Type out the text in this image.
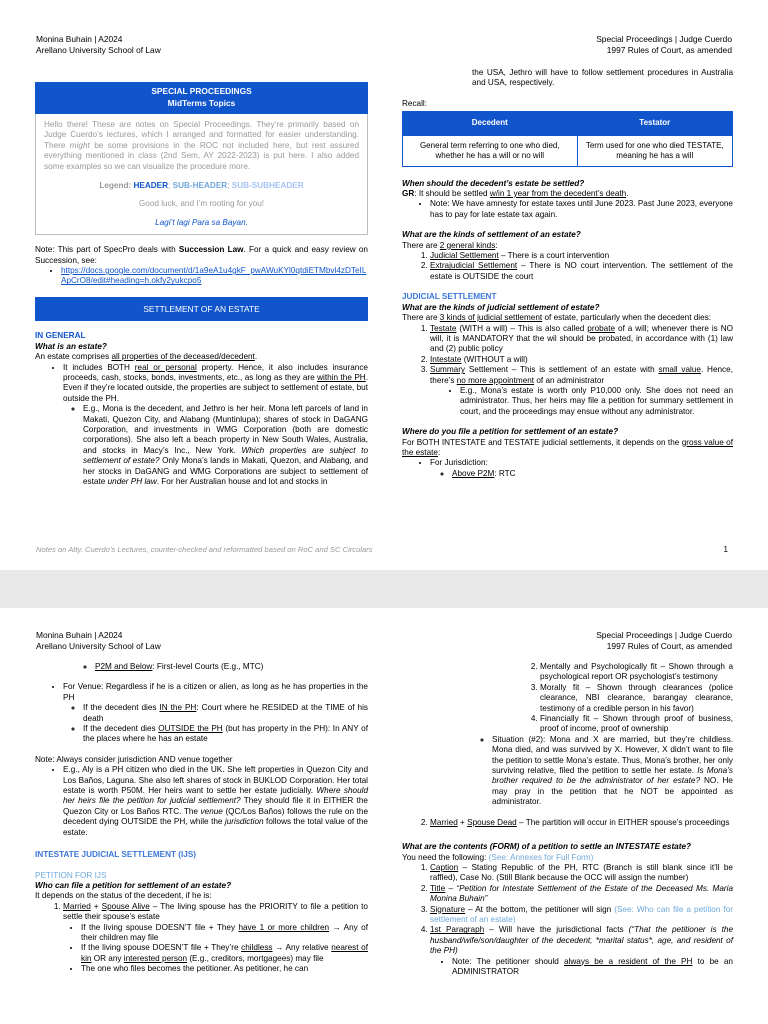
Monina Buhain | A2024
Arellano University School of Law
Special Proceedings | Judge Cuerdo
1997 Rules of Court, as amended
SPECIAL PROCEEDINGS
MidTerms Topics
Hello there! These are notes on Special Proceedings. They’re primarily based on Judge Cuerdo’s lectures, which I arranged and formatted for easier understanding. There might be some provisions in the ROC not included here, but rest assured everything mentioned in class (2nd Sem, AY 2022-2023) is put here. I also added some examples so we can visualize the procedure more.
Legend: HEADER; SUB-HEADER; SUB-SUBHEADER
Good luck, and I’m rooting for you!
Lagi’t lagi Para sa Bayan.
Note: This part of SpecPro deals with Succession Law. For a quick and easy review on Succession, see:
• https://docs.google.com/document/d/1a9eA1u4gkF_pwAWuKYl0qtdiETMbvl4zDTeILApCrO8/edit#heading=h.okfy2yukcpo5
SETTLEMENT OF AN ESTATE
IN GENERAL
What is an estate?
An estate comprises all properties of the deceased/decedent.
• It includes BOTH real or personal property. Hence, it also includes insurance proceeds, cash, stocks, bonds, investments, etc., as long as they are within the PH. Even if they’re located outside, the properties are subject to settlement of estate, but outside the PH.
◦ E.g., Mona is the decedent, and Jethro is her heir. Mona left parcels of land in Makati, Quezon City, and Alabang (Muntinlupa); shares of stock in DaGANG Corporation, and investments in WMG Corporation (both are domestic corporations). She also left a beach property in New South Wales, Australia, and stocks in Macy’s Inc., New York. Which properties are subject to settlement of estate? Only Mona’s lands in Makati, Quezon, and Alabang, and her stocks in DaGANG and WMG Corporations are subject to settlement of estate under PH law. For her Australian house and lot and stocks in
the USA, Jethro will have to follow settlement procedures in Australia and USA, respectively.
Recall:
Decedent	Testator
General term referring to one who died, whether he has a will or no will	Term used for one who died TESTATE, meaning he has a will
When should the decedent’s estate be settled?
GR: It should be settled w/in 1 year from the decedent’s death.
• Note: We have amnesty for estate taxes until June 2023. Past June 2023, everyone has to pay for late estate tax again.
What are the kinds of settlement of an estate?
There are 2 general kinds:
1. Judicial Settlement – There is a court intervention
2. Extrajudicial Settlement – There is NO court intervention. The settlement of the estate is OUTSIDE the court
JUDICIAL SETTLEMENT
What are the kinds of judicial settlement of estate?
There are 3 kinds of judicial settlement of estate, particularly when the decedent dies:
1. Testate (WITH a will) – This is also called probate of a will; whenever there is NO will, it is MANDATORY that the wil should be probated, in accordance with (1) law and (2) public policy
2. Intestate (WITHOUT a will)
3. Summary Settlement – This is settlement of an estate with small value. Hence, there’s no more appointment of an administrator
• E.g., Mona’s estate is worth only P10,000 only. She does not need an administrator. Thus, her heirs may file a petition for summary settlement in court, and the proceedings may ensue without any administrator.
Where do you file a petition for settlement of an estate?
For BOTH INTESTATE and TESTATE judicial settlements, it depends on the gross value of the estate:
• For Jurisdiction:
◦ Above P2M: RTC
Notes on Atty. Cuerdo’s Lectures, counter-checked and reformatted based on RoC and SC Circulars	1
Monina Buhain | A2024
Arellano University School of Law
Special Proceedings | Judge Cuerdo
1997 Rules of Court, as amended
◦ P2M and Below: First-level Courts (E.g., MTC)
• For Venue: Regardless if he is a citizen or alien, as long as he has properties in the PH
◦ If the decedent dies IN the PH: Court where he RESIDED at the TIME of his death
◦ If the decedent dies OUTSIDE the PH (but has property in the PH): In ANY of the places where he has an estate
Note: Always consider jurisdiction AND venue together
• E.g., Aly is a PH citizen who died in the UK. She left properties in Quezon City and Los Baños, Laguna. She also left shares of stock in BUKLOD Corporation. Her total estate is worth P50M. Her heirs want to settle her estate judicially. Where should her heirs file the petition for judicial settlement? They should file it in EITHER the Quezon City or Los Baños RTC. The venue (QC/Los Baños) follows the rule on the decedent dying OUTSIDE the PH, while the jurisdiction follows the total value of the estate.
INTESTATE JUDICIAL SETTLEMENT (IJS)
PETITION FOR IJS
Who can file a petition for settlement of an estate?
It depends on the status of the decedent, if he is:
1. Married + Spouse Alive – The living spouse has the PRIORITY to file a petition to settle their spouse’s estate
• If the living spouse DOESN’T file + They have 1 or more children → Any of their children may file
• If the living spouse DOESN’T file + They’re childless → Any relative nearest of kin OR any interested person (E.g., creditors, mortgagees) may file
• The one who files becomes the petitioner. As petitioner, he can
2. Mentally and Psychologically fit – Shown through a psychological report OR psychologist’s testimony
3. Morally fit – Shown through clearances (police clearance, NBI clearance, barangay clearance, testimony of a credible person in his favor)
4. Financially fit – Shown through proof of business, proof of income, proof of ownership
◦ Situation (#2): Mona and X are married, but they’re childless. Mona died, and was survived by X. However, X didn’t want to file the petition to settle Mona’s estate. Thus, Mona’s brother, her only surviving relative, filed the petition to settle her estate. Is Mona’s brother required to be the administrator of her estate? NO. He may pray in the petition that he NOT be appointed as administrator.
2. Married + Spouse Dead – The partition will occur in EITHER spouse’s proceedings
What are the contents (FORM) of a petition to settle an INTESTATE estate?
You need the following: (See: Annexes for Full Form)
1. Caption – Stating Republic of the PH, RTC (Branch is still blank since it’ll be raffled), Case No. (Still Blank because the OCC will assign the number)
2. Title – “Petition for Intestate Settlement of the Estate of the Deceased Ms. Maria Monina Buhain”
3. Signature – At the bottom, the petitioner will sign (See: Who can file a petition for settlement of an estate)
4. 1st Paragraph – Will have the jurisdictional facts (“That the petitioner is the husband/wife/son/daughter of the decedent, *marital status*, age, and resident of the PH)
• Note: The petitioner should always be a resident of the PH to be an ADMINISTRATOR
